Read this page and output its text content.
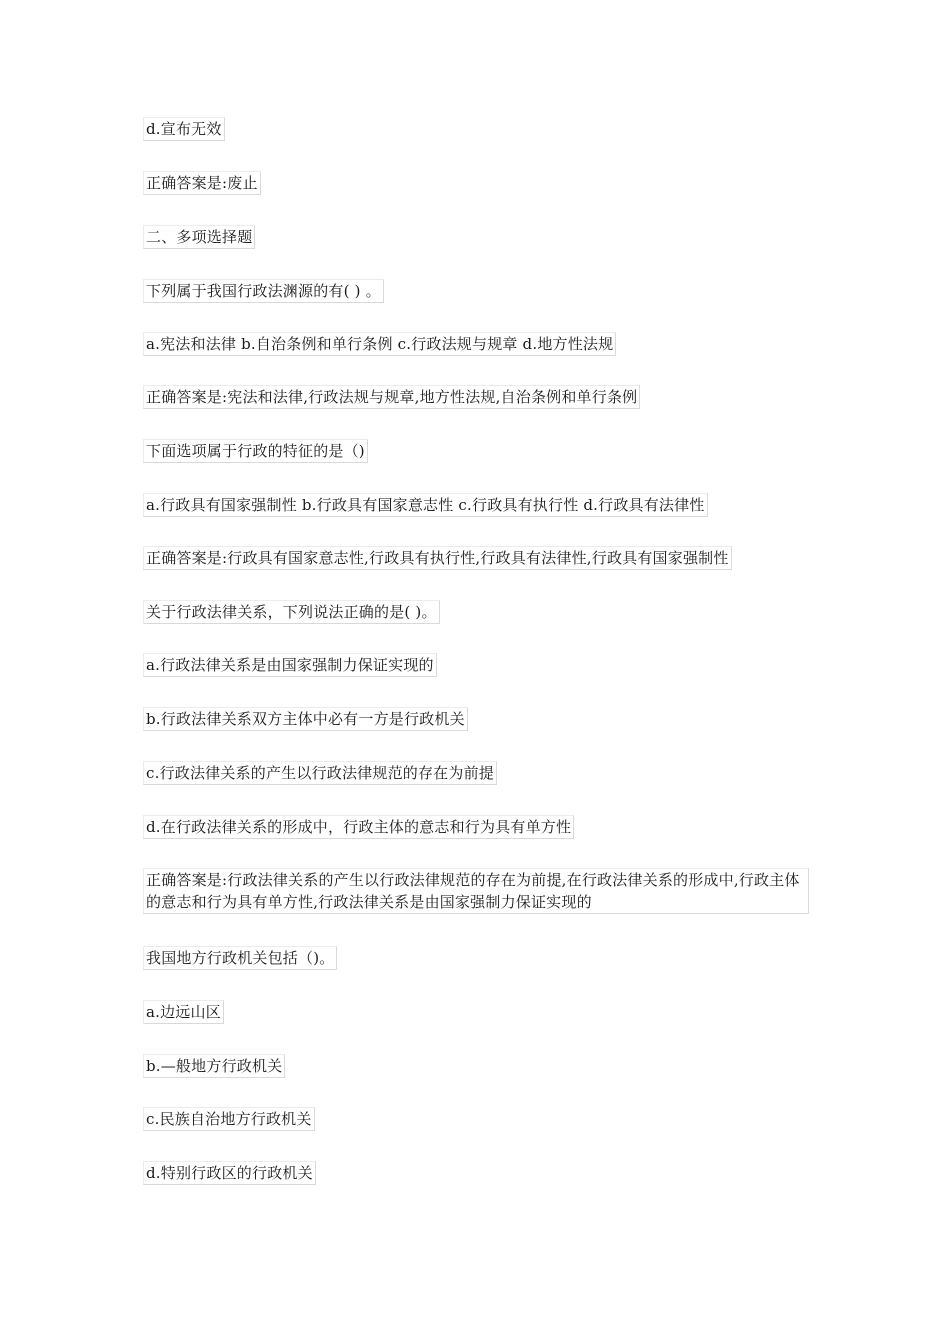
d.宣布无效
正确答案是:废止
二、多项选择题
下列属于我国行政法渊源的有( ) 。
a.宪法和法律 b.自治条例和单行条例 c.行政法规与规章 d.地方性法规
正确答案是:宪法和法律,行政法规与规章,地方性法规,自治条例和单行条例
下面选项属于行政的特征的是（)
a.行政具有国家强制性 b.行政具有国家意志性 c.行政具有执行性 d.行政具有法律性
正确答案是:行政具有国家意志性,行政具有执行性,行政具有法律性,行政具有国家强制性
关于行政法律关系，下列说法正确的是( )。
a.行政法律关系是由国家强制力保证实现的
b.行政法律关系双方主体中必有一方是行政机关
c.行政法律关系的产生以行政法律规范的存在为前提
d.在行政法律关系的形成中，行政主体的意志和行为具有单方性
正确答案是:行政法律关系的产生以行政法律规范的存在为前提,在行政法律关系的形成中,行政主体的意志和行为具有单方性,行政法律关系是由国家强制力保证实现的
我国地方行政机关包括（)。
a.边远山区
b.—般地方行政机关
c.民族自治地方行政机关
d.特别行政区的行政机关
